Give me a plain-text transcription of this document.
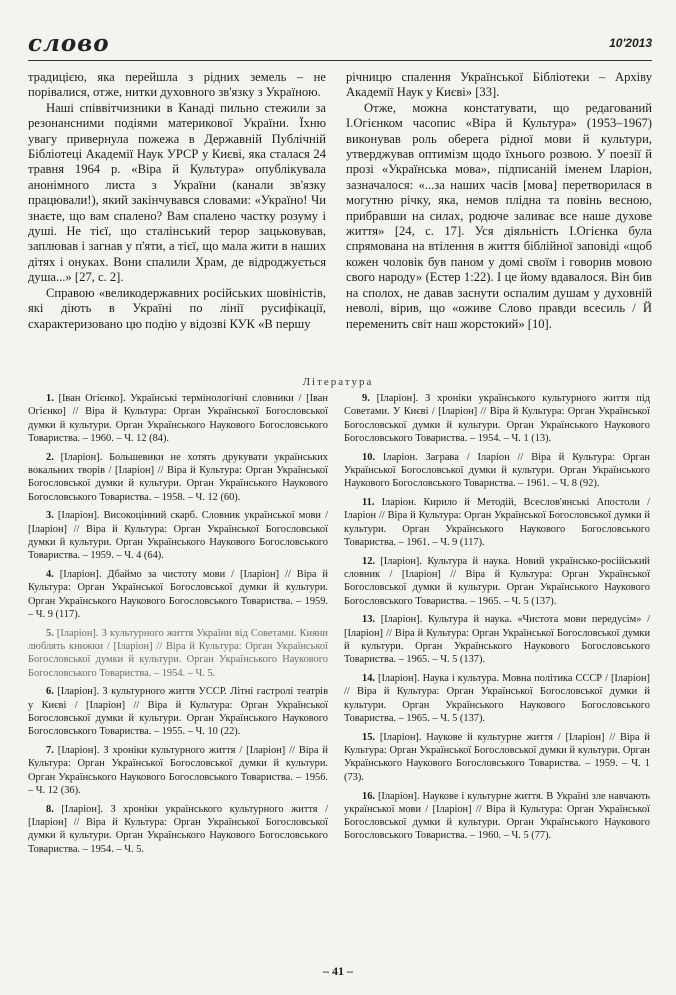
слово	10'2013

традицією, яка перейшла з рідних земель – не порівалися, отже, нитки духовного зв'язку з Україною.

Наші співвітчизники в Канаді пильно стежили за резонансними подіями материкової України. Їхню увагу привернула пожежа в Державній Публічній Бібліотеці Академії Наук УРСР у Києві, яка сталася 24 травня 1964 р. «Віра й Культура» опублікувала анонімного листа з України (канали зв'язку працювали!), який закінчувався словами: «Україно! Чи знаєте, що вам спалено? Вам спалено частку розуму і душі. Не тієї, що сталінський терор зацьковував, заплював і загнав у п'яти, а тієї, що мала жити в наших дітях і онуках. Вони спалили Храм, де відроджується душа...» [27, с. 2].

Справою «великодержавних російських шовіністів, які діють в Україні по лінії русифікації, схарактеризовано цю подію у відозві КУК «В першу

річницю спалення Української Бібліотеки – Архіву Академії Наук у Києві» [33].

Отже, можна констатувати, що редагований І.Огієнком часопис «Віра й Культура» (1953–1967) виконував роль оберега рідної мови й культури, утверджував оптимізм щодо їхнього розвою. У поезії й прозі «Українська мова», підписаній іменем Іларіон, зазначалося: «...за наших часів [мова] перетворилася в могутню річку, яка, немов плідна та повінь весною, прибравши на силах, родюче заливає все наше духове життя» [24, с. 17]. Уся діяльність І.Огієнка була спрямована на втілення в життя біблійної заповіді «щоб кожен чоловік був паном у домі своїм і говорив мовою свого народу» (Естер 1:22). І це йому вдавалося. Він бив на сполох, не давав заснути оспалим душам у духовній неволі, вірив, що «оживе Слово правди всесиль / Й переменить світ наш жорстокий» [10].

Література

1. [Іван Огієнко]. Українські термінологічні словники / [Іван Огієнко] // Віра й Культура: Орган Української Богословської думки й культури. Орган Українського Наукового Богословського Товариства. – 1960. – Ч. 12 (84).

2. [Іларіон]. Большевики не хотять друкувати українських вокальних творів / [Іларіон] // Віра й Культура: Орган Української Богословської думки й культури. Орган Українського Наукового Богословського Товариства. – 1958. – Ч. 12 (60).

3. [Іларіон]. Високоцінний скарб. Словник української мови / [Іларіон] // Віра й Культура: Орган Української Богословської думки й культури. Орган Українського Наукового Богословського Товариства. – 1959. – Ч. 4 (64).

4. [Іларіон]. Дбаймо за чистоту мови / [Іларіон] // Віра й Культура: Орган Української Богословської думки й культури. Орган Українського Наукового Богословського Товариства. – 1959. – Ч. 9 (117).

5. [Іларіон]. З культурного життя України від Советами. Кияни люблять книжки / [Іларіон] // Віра й Культура: Орган Української Богословської думки й культури. Орган Українського Наукового Богословського Товариства. – 1954. – Ч. 5.

6. [Іларіон]. З культурного життя УССР. Літні гастролі театрів у Києві / [Іларіон] // Віра й Культура: Орган Української Богословської думки й культури. Орган Українського Наукового Богословського Товариства. – 1955. – Ч. 10 (22).

7. [Іларіон]. З хроніки культурного життя / [Іларіон] // Віра й Культура: Орган Української Богословської думки й культури. Орган Українського Наукового Богословського Товариства. – 1956. – Ч. 12 (36).

8. [Іларіон]. З хроніки українського культурного життя / [Іларіон] // Віра й Культура: Орган Української Богословської думки й культури. Орган Українського Наукового Богословського Товариства. – 1954. – Ч. 5.

9. [Іларіон]. З хроніки українського культурного життя під Советами. У Києві / [Іларіон] // Віра й Культура: Орган Української Богословської думки й культури. Орган Українського Наукового Богословського Товариства. – 1954. – Ч. 1 (13).

10. Іларіон. Заграва / Іларіон // Віра й Культура: Орган Української Богословської думки й культури. Орган Українського Наукового Богословського Товариства. – 1961. – Ч. 8 (92).

11. Іларіон. Кирило й Методій, Всеслов'янські Апостоли / Іларіон // Віра й Культура: Орган Української Богословської думки й культури. Орган Українського Наукового Богословського Товариства. – 1961. – Ч. 9 (117).

12. [Іларіон]. Культура й наука. Новий українсько-російський словник / [Іларіон] // Віра й Культура: Орган Української Богословської думки й культури. Орган Українського Наукового Богословського Товариства. – 1965. – Ч. 5 (137).

13. [Іларіон]. Культура й наука. «Чистота мови передусім» / [Іларіон] // Віра й Культура: Орган Української Богословської думки й культури. Орган Українського Наукового Богословського Товариства. – 1965. – Ч. 5 (137).

14. [Іларіон]. Наука і культура. Мовна політика СССР / [Іларіон] // Віра й Культура: Орган Української Богословської думки й культури. Орган Українського Наукового Богословського Товариства. – 1965. – Ч. 5 (137).

15. [Іларіон]. Наукове й культурне життя / [Іларіон] // Віра й Культура: Орган Української Богословської думки й культури. Орган Українського Наукового Богословського Товариства. – 1959. – Ч. 1 (73).

16. [Іларіон]. Наукове і культурне життя. В Україні зле навчають української мови / [Іларіон] // Віра й Культура: Орган Української Богословської думки й культури. Орган Українського Наукового Богословського Товариства. – 1960. – Ч. 5 (77).

– 41 –
